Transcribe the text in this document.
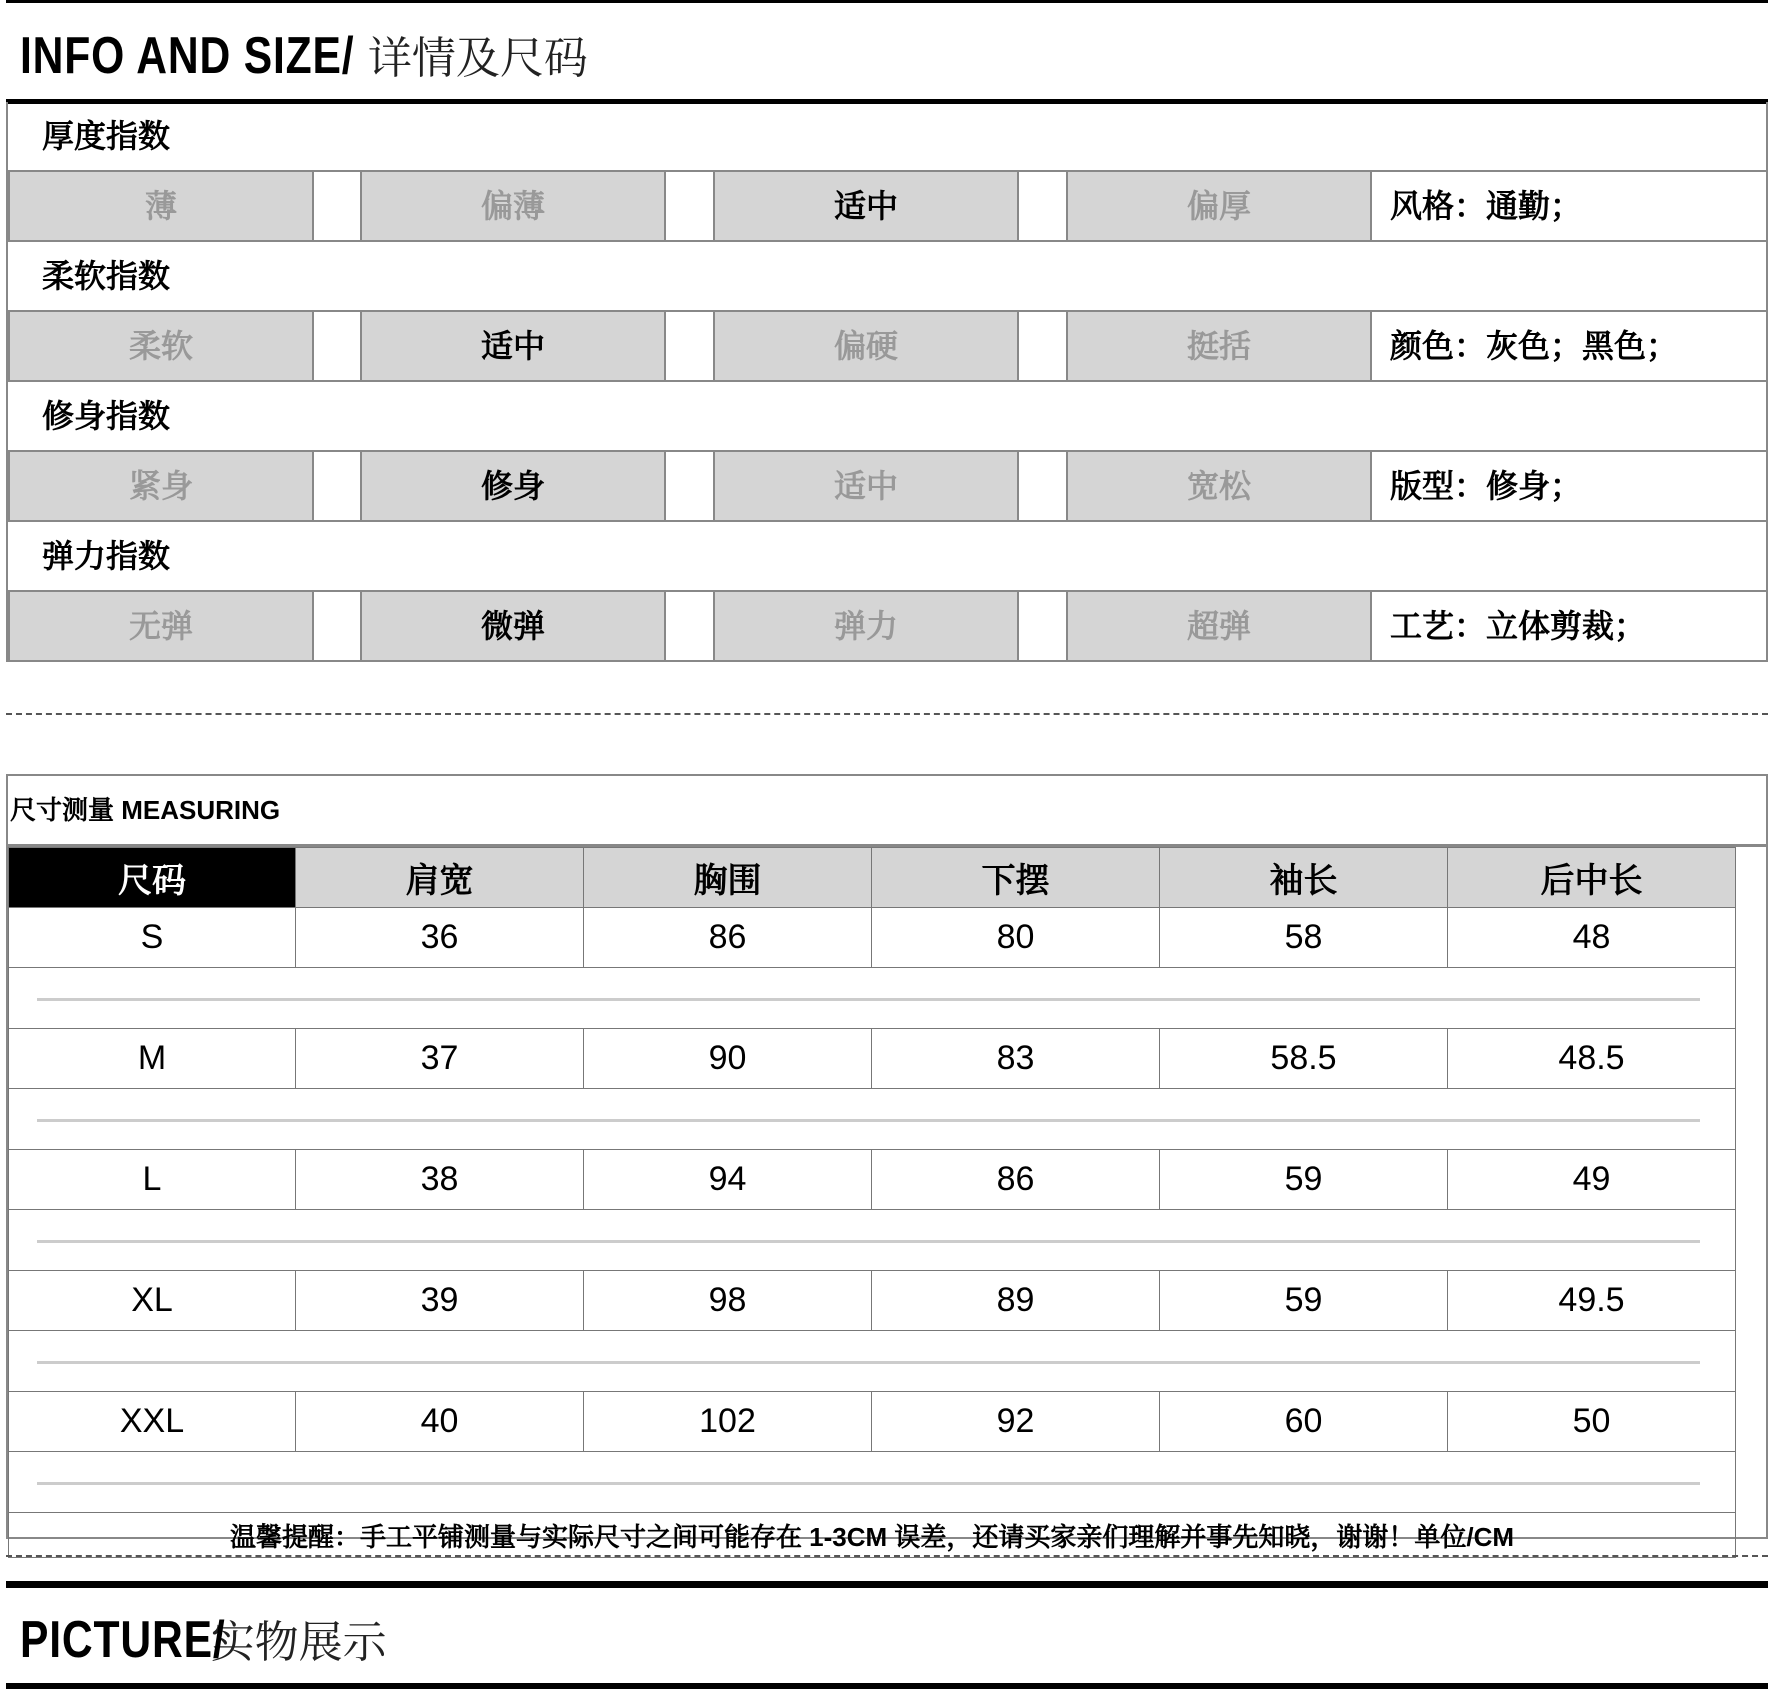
INFO AND SIZE/ 详情及尺码
厚度指数
薄	偏薄	适中	偏厚	风格：通勤；
柔软指数
柔软	适中	偏硬	挺括	颜色：灰色；黑色；
修身指数
紧身	修身	适中	宽松	版型：修身；
弹力指数
无弹	微弹	弹力	超弹	工艺：立体剪裁；
尺寸测量 MEASURING
尺码	肩宽	胸围	下摆	袖长	后中长
S	36	86	80	58	48

M	37	90	83	58.5	48.5

L	38	94	86	59	49

XL	39	98	89	59	49.5

XXL	40	102	92	60	50

温馨提醒：手工平铺测量与实际尺寸之间可能存在 1-3CM 误差，还请买家亲们理解并事先知晓，谢谢！单位/CM					
PICTURE/实物展示
